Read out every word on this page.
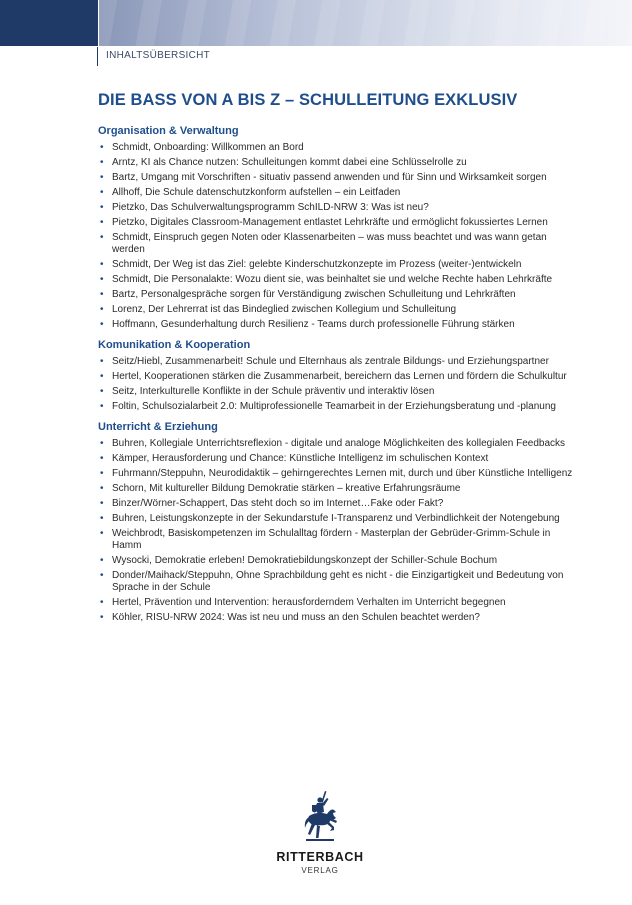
INHALTSÜBERSICHT
DIE BASS VON A BIS Z – SCHULLEITUNG EXKLUSIV
Organisation & Verwaltung
• Schmidt, Onboarding: Willkommen an Bord
• Arntz, KI als Chance nutzen: Schulleitungen kommt dabei eine Schlüsselrolle zu
• Bartz, Umgang mit Vorschriften - situativ passend anwenden und für Sinn und Wirksamkeit sorgen
• Allhoff, Die Schule datenschutzkonform aufstellen – ein Leitfaden
• Pietzko, Das Schulverwaltungsprogramm SchILD-NRW 3: Was ist neu?
• Pietzko, Digitales Classroom-Management entlastet Lehrkräfte und ermöglicht fokussiertes Lernen
• Schmidt, Einspruch gegen Noten oder Klassenarbeiten – was muss beachtet und was wann getan werden
• Schmidt, Der Weg ist das Ziel: gelebte Kinderschutzkonzepte im Prozess (weiter-)entwickeln
• Schmidt, Die Personalakte: Wozu dient sie, was beinhaltet sie und welche Rechte haben Lehrkräfte
• Bartz, Personalgespräche sorgen für Verständigung zwischen Schulleitung und Lehrkräften
• Lorenz, Der Lehrerrat ist das Bindeglied zwischen Kollegium und Schulleitung
• Hoffmann, Gesunderhaltung durch Resilienz - Teams durch professionelle Führung stärken
Komunikation & Kooperation
• Seitz/Hiebl, Zusammenarbeit! Schule und Elternhaus als zentrale Bildungs- und Erziehungspartner
• Hertel, Kooperationen stärken die Zusammenarbeit, bereichern das Lernen und fördern die Schulkultur
• Seitz, Interkulturelle Konflikte in der Schule präventiv und interaktiv lösen
• Foltin, Schulsozialarbeit 2.0: Multiprofessionelle Teamarbeit in der Erziehungsberatung und -planung
Unterricht & Erziehung
• Buhren, Kollegiale Unterrichtsreflexion - digitale und analoge Möglichkeiten des kollegialen Feedbacks
• Kämper, Herausforderung und Chance: Künstliche Intelligenz im schulischen Kontext
• Fuhrmann/Steppuhn, Neurodidaktik – gehirngerechtes Lernen mit, durch und über Künstliche Intelligenz
• Schorn, Mit kultureller Bildung Demokratie stärken – kreative Erfahrungsräume
• Binzer/Wörner-Schappert, Das steht doch so im Internet…Fake oder Fakt?
• Buhren, Leistungskonzepte in der Sekundarstufe I-Transparenz und Verbindlichkeit der Notengebung
• Weichbrodt, Basiskompetenzen im Schulalltag fördern - Masterplan der Gebrüder-Grimm-Schule in Hamm
• Wysocki, Demokratie erleben! Demokratiebildungskonzept der Schiller-Schule Bochum
• Donder/Maihack/Steppuhn, Ohne Sprachbildung geht es nicht - die Einzigartigkeit und Bedeutung von Sprache in der Schule
• Hertel, Prävention und Intervention: herausforderndem Verhalten im Unterricht begegnen
• Köhler, RISU-NRW 2024: Was ist neu und muss an den Schulen beachtet werden?
RITTERBACH
VERLAG
